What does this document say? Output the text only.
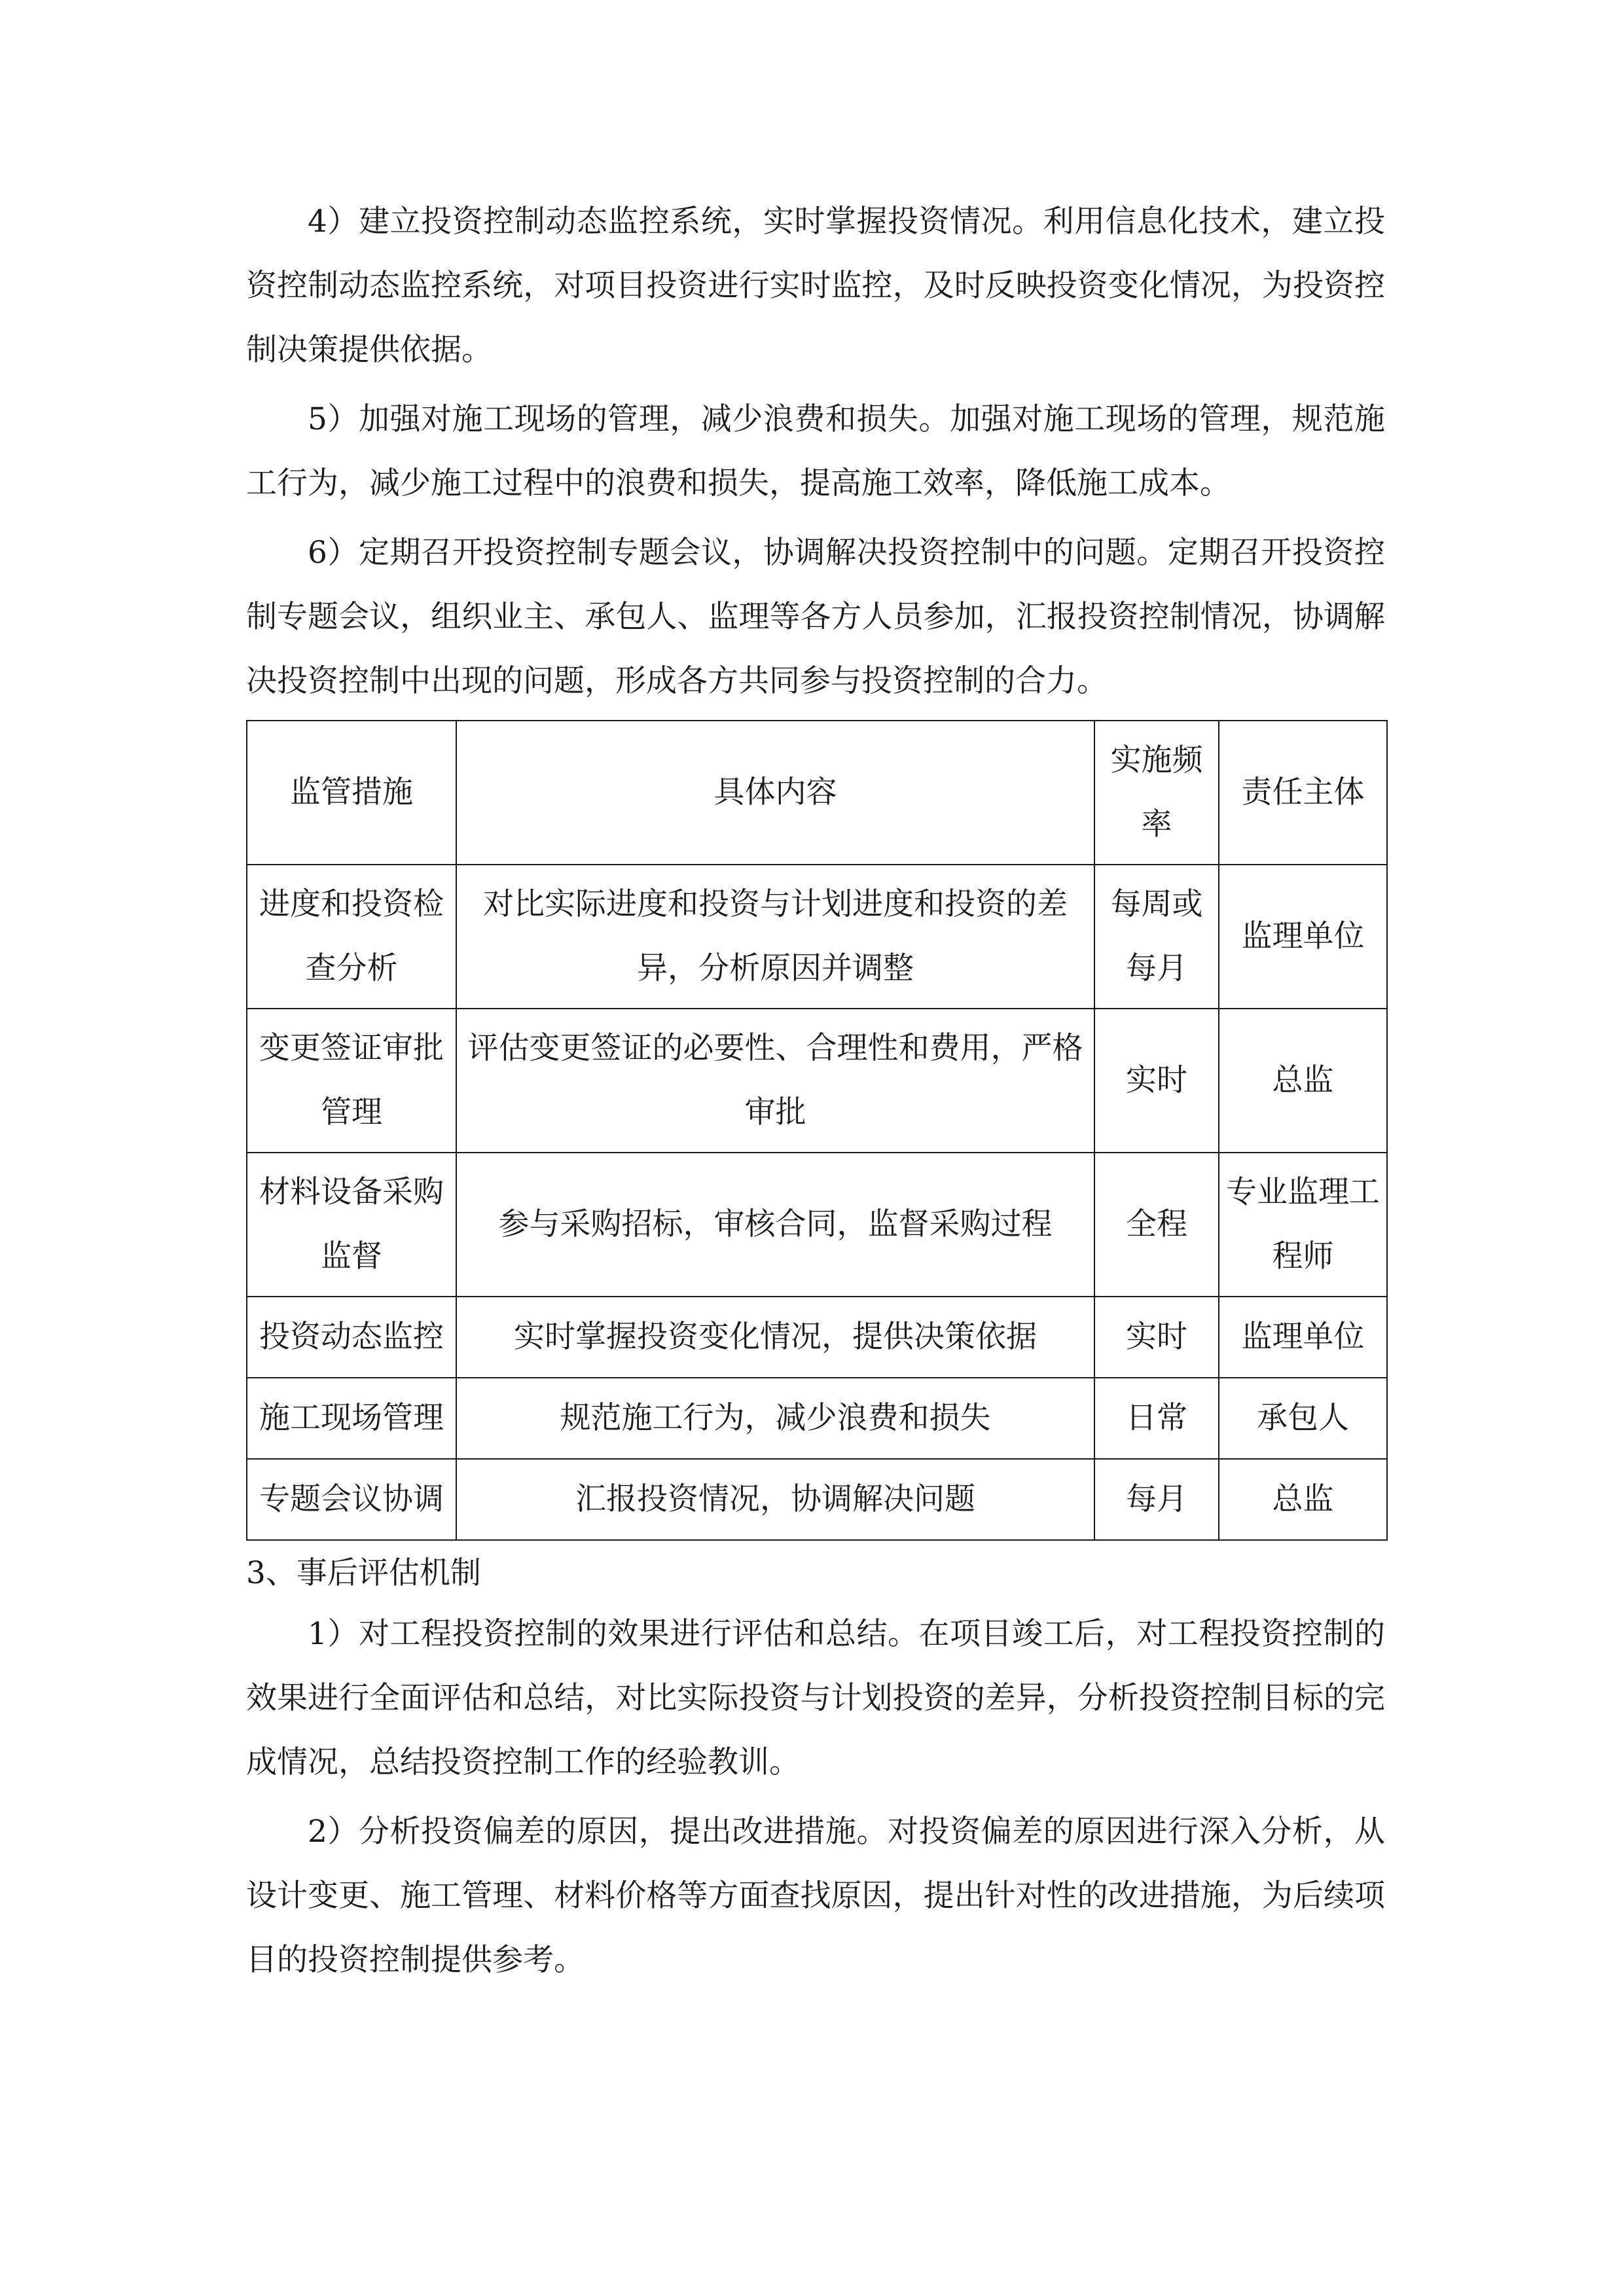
4）建立投资控制动态监控系统，实时掌握投资情况。利用信息化技术，建立投资控制动态监控系统，对项目投资进行实时监控，及时反映投资变化情况，为投资控制决策提供依据。

5）加强对施工现场的管理，减少浪费和损失。加强对施工现场的管理，规范施工行为，减少施工过程中的浪费和损失，提高施工效率，降低施工成本。

6）定期召开投资控制专题会议，协调解决投资控制中的问题。定期召开投资控制专题会议，组织业主、承包人、监理等各方人员参加，汇报投资控制情况，协调解决投资控制中出现的问题，形成各方共同参与投资控制的合力。

监管措施	具体内容	实施频率	责任主体
进度和投资检查分析	对比实际进度和投资与计划进度和投资的差异，分析原因并调整	每周或每月	监理单位
变更签证审批管理	评估变更签证的必要性、合理性和费用，严格审批	实时	总监
材料设备采购监督	参与采购招标，审核合同，监督采购过程	全程	专业监理工程师
投资动态监控	实时掌握投资变化情况，提供决策依据	实时	监理单位
施工现场管理	规范施工行为，减少浪费和损失	日常	承包人
专题会议协调	汇报投资情况，协调解决问题	每月	总监

3、事后评估机制

1）对工程投资控制的效果进行评估和总结。在项目竣工后，对工程投资控制的效果进行全面评估和总结，对比实际投资与计划投资的差异，分析投资控制目标的完成情况，总结投资控制工作的经验教训。

2）分析投资偏差的原因，提出改进措施。对投资偏差的原因进行深入分析，从设计变更、施工管理、材料价格等方面查找原因，提出针对性的改进措施，为后续项目的投资控制提供参考。
